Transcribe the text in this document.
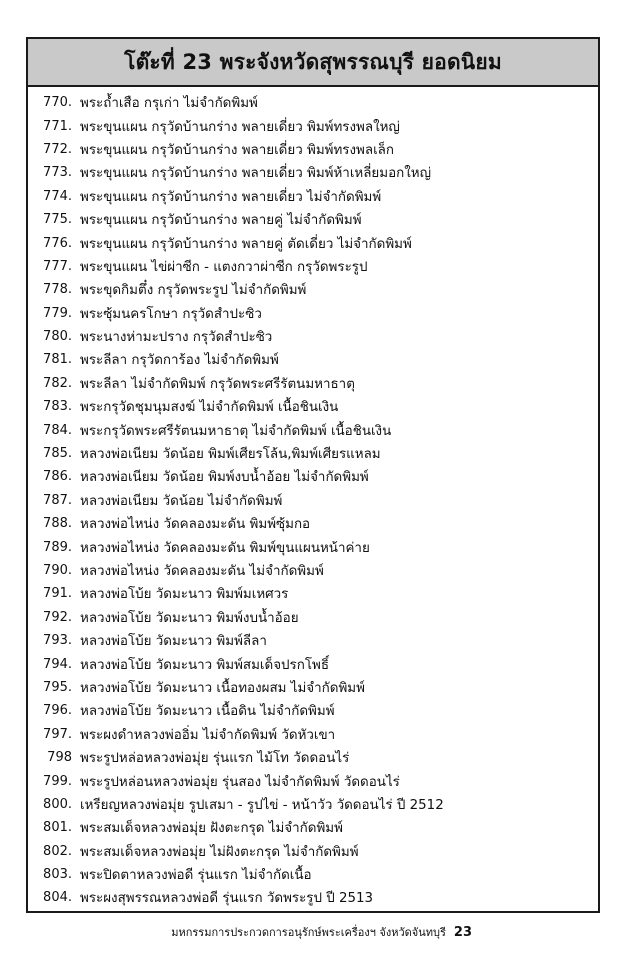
โต๊ะที่ 23 พระจังหวัดสุพรรณบุรี ยอดนิยม
770. พระถ้ำเสือ กรุเก่า ไม่จำกัดพิมพ์
771. พระขุนแผน กรุวัดบ้านกร่าง พลายเดี่ยว พิมพ์ทรงพลใหญ่
772. พระขุนแผน กรุวัดบ้านกร่าง พลายเดี่ยว พิมพ์ทรงพลเล็ก
773. พระขุนแผน กรุวัดบ้านกร่าง พลายเดี่ยว พิมพ์ห้าเหลี่ยมอกใหญ่
774. พระขุนแผน กรุวัดบ้านกร่าง พลายเดี่ยว ไม่จำกัดพิมพ์
775. พระขุนแผน กรุวัดบ้านกร่าง พลายคู่ ไม่จำกัดพิมพ์
776. พระขุนแผน กรุวัดบ้านกร่าง พลายคู่ ตัดเดี่ยว ไม่จำกัดพิมพ์
777. พระขุนแผน ไข่ผ่าซีก - แตงกวาผ่าซีก กรุวัดพระรูป
778. พระขุดกิมตึ๋ง กรุวัดพระรูป ไม่จำกัดพิมพ์
779. พระซุ้มนครโกษา กรุวัดสำปะซิว
780. พระนางห่ามะปราง กรุวัดสำปะซิว
781. พระลีลา กรุวัดการ้อง ไม่จำกัดพิมพ์
782. พระลีลา ไม่จำกัดพิมพ์ กรุวัดพระศรีรัตนมหาธาตุ
783. พระกรุวัดชุมนุมสงฆ์ ไม่จำกัดพิมพ์ เนื้อชินเงิน
784. พระกรุวัดพระศรีรัตนมหาธาตุ ไม่จำกัดพิมพ์ เนื้อชินเงิน
785. หลวงพ่อเนียม วัดน้อย พิมพ์เศียรโล้น,พิมพ์เศียรแหลม
786. หลวงพ่อเนียม วัดน้อย พิมพ์งบน้ำอ้อย ไม่จำกัดพิมพ์
787. หลวงพ่อเนียม วัดน้อย ไม่จำกัดพิมพ์
788. หลวงพ่อไหน่ง วัดคลองมะดัน พิมพ์ซุ้มกอ
789. หลวงพ่อไหน่ง วัดคลองมะดัน พิมพ์ขุนแผนหน้าค่าย
790. หลวงพ่อไหน่ง วัดคลองมะดัน ไม่จำกัดพิมพ์
791. หลวงพ่อโบ้ย วัดมะนาว พิมพ์มเหศวร
792. หลวงพ่อโบ้ย วัดมะนาว พิมพ์งบน้ำอ้อย
793. หลวงพ่อโบ้ย วัดมะนาว พิมพ์ลีลา
794. หลวงพ่อโบ้ย วัดมะนาว พิมพ์สมเด็จปรกโพธิ์
795. หลวงพ่อโบ้ย วัดมะนาว เนื้อทองผสม ไม่จำกัดพิมพ์
796. หลวงพ่อโบ้ย วัดมะนาว เนื้อดิน ไม่จำกัดพิมพ์
797. พระผงดำหลวงพ่ออิ่ม ไม่จำกัดพิมพ์ วัดหัวเขา
798 พระรูปหล่อหลวงพ่อมุ่ย รุ่นแรก ไม้โท วัดดอนไร่
799. พระรูปหล่อนหลวงพ่อมุ่ย รุ่นสอง ไม่จำกัดพิมพ์ วัดดอนไร่
800. เหรียญหลวงพ่อมุ่ย รูปเสมา - รูปไข่ - หน้าวัว วัดดอนไร่ ปี 2512
801. พระสมเด็จหลวงพ่อมุ่ย ฝังตะกรุด ไม่จำกัดพิมพ์
802. พระสมเด็จหลวงพ่อมุ่ย ไม่ฝังตะกรุด ไม่จำกัดพิมพ์
803. พระปิดตาหลวงพ่อดี รุ่นแรก ไม่จำกัดเนื้อ
804. พระผงสุพรรณหลวงพ่อดี รุ่นแรก วัดพระรูป ปี 2513
มหกรรมการประกวดการอนุรักษ์พระเครื่องฯ จังหวัดจันทบุรี 23
